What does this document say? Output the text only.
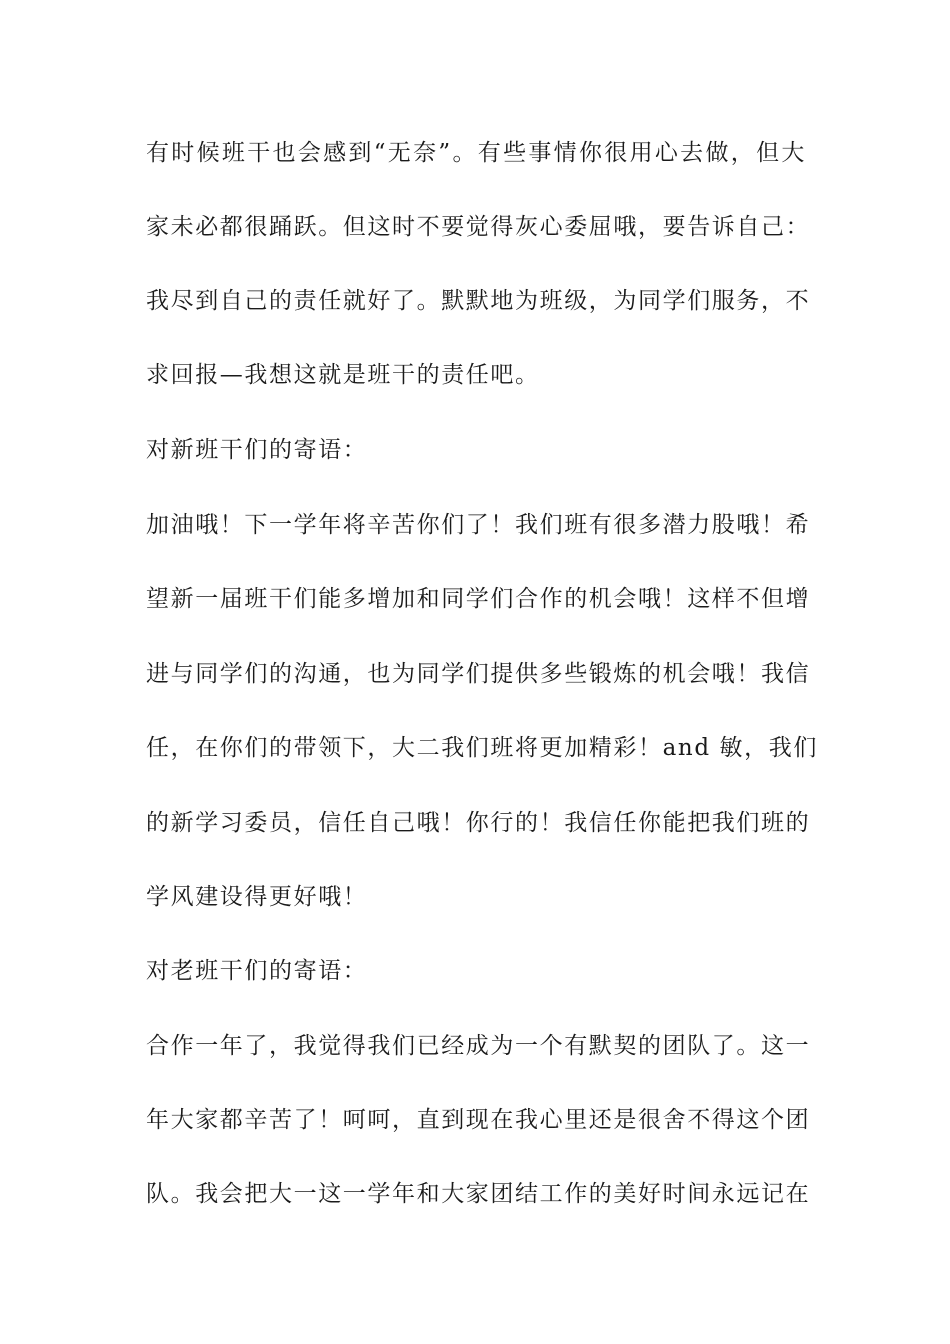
有时候班干也会感到“无奈”。有些事情你很用心去做，但大
家未必都很踊跃。但这时不要觉得灰心委屈哦，要告诉自己：
我尽到自己的责任就好了。默默地为班级，为同学们服务，不
求回报—我想这就是班干的责任吧。
对新班干们的寄语：
加油哦！下一学年将辛苦你们了！我们班有很多潜力股哦！希
望新一届班干们能多增加和同学们合作的机会哦！这样不但增
进与同学们的沟通，也为同学们提供多些锻炼的机会哦！我信
任，在你们的带领下，大二我们班将更加精彩！and 敏，我们
的新学习委员，信任自己哦！你行的！我信任你能把我们班的
学风建设得更好哦！
对老班干们的寄语：
合作一年了，我觉得我们已经成为一个有默契的团队了。这一
年大家都辛苦了！呵呵，直到现在我心里还是很舍不得这个团
队。我会把大一这一学年和大家团结工作的美好时间永远记在
